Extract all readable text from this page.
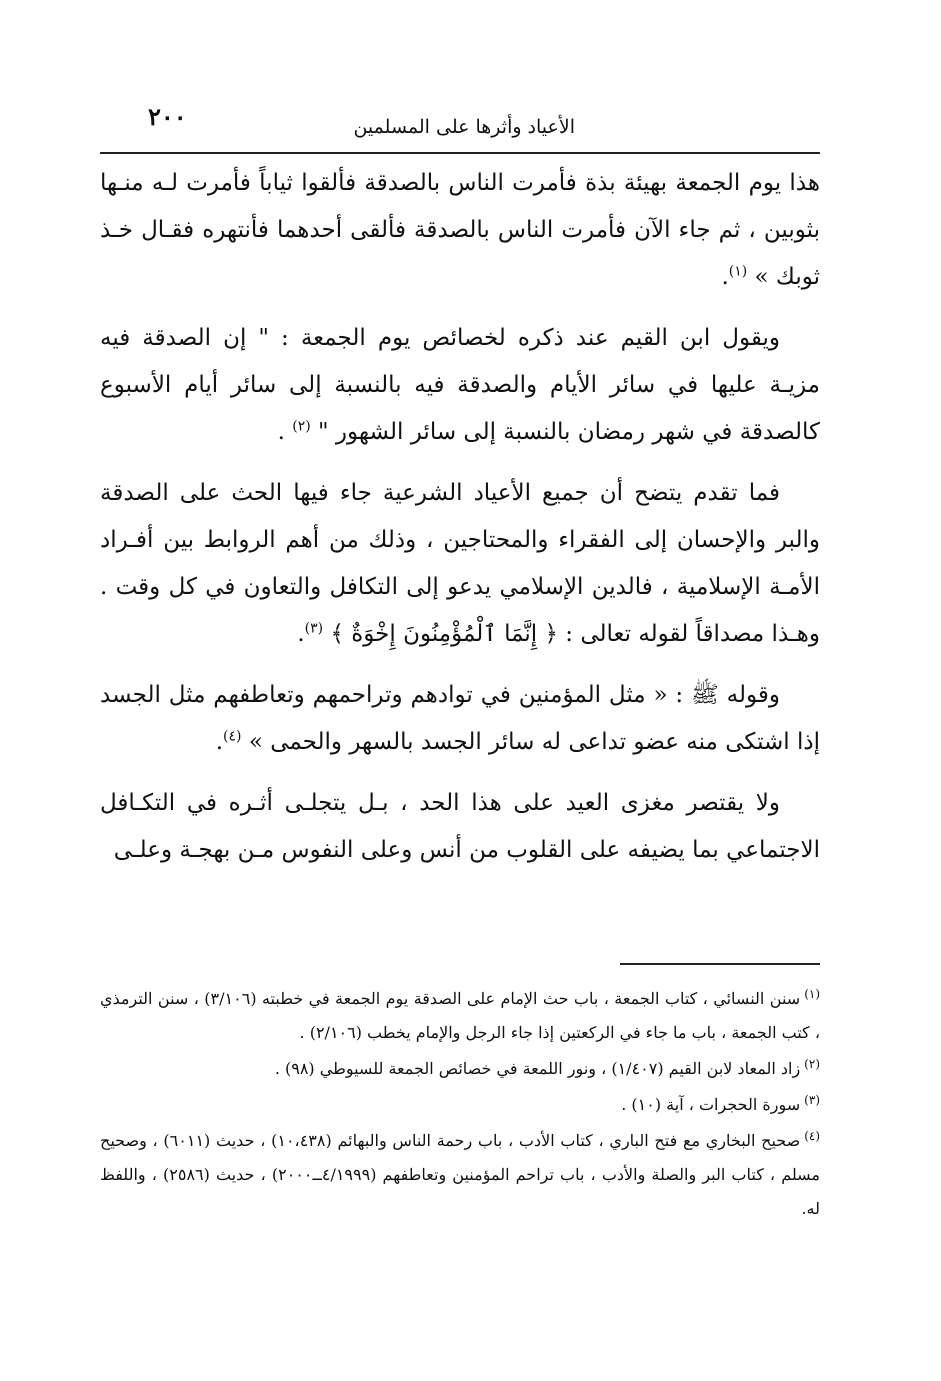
الأعياد وأثرها على المسلمين
٢٠٠

هذا يوم الجمعة بهيئة بذة فأمرت الناس بالصدقة فألقوا ثياباً فأمرت لـه منـها بثوبين ، ثم جاء الآن فأمرت الناس بالصدقة فألقى أحدهما فأنتهره فقـال خـذ ثوبك » $^{(١)}$.

ويقول ابن القيم عند ذكره لخصائص يوم الجمعة : " إن الصدقة فيه مزيـة عليها في سائر الأيام والصدقة فيه بالنسبة إلى سائر أيام الأسبوع كالصدقة في شهر رمضان بالنسبة إلى سائر الشهور " $^{(٢)}$ .

فما تقدم يتضح أن جميع الأعياد الشرعية جاء فيها الحث على الصدقة والبر والإحسان إلى الفقراء والمحتاجين ، وذلك من أهم الروابط بين أفـراد الأمـة الإسلامية ، فالدين الإسلامي يدعو إلى التكافل والتعاون في كل وقت . وهـذا مصداقاً لقوله تعالى : ﴿ إِنَّمَا ٱلْمُؤْمِنُونَ إِخْوَةٌ ﴾ $^{(٣)}$.

وقوله ﷺ : « مثل المؤمنين في توادهم وتراحمهم وتعاطفهم مثل الجسد إذا اشتكى منه عضو تداعى له سائر الجسد بالسهر والحمى » $^{(٤)}$.

ولا يقتصر مغزى العيد على هذا الحد ، بـل يتجلـى أثـره في التكـافل الاجتماعي بما يضيفه على القلوب من أنس وعلى النفوس مـن بهجـة وعلـى

$^{(١)}$سنن النسائي ، كتاب الجمعة ، باب حث الإمام على الصدقة يوم الجمعة في خطبته (٣/١٠٦) ، سنن الترمذي ، كتب الجمعة ، باب ما جاء في الركعتين إذا جاء الرجل والإمام يخطب (٢/١٠٦) .

$^{(٢)}$زاد المعاد لابن القيم (١/٤٠٧) ، ونور اللمعة في خصائص الجمعة للسيوطي (٩٨) .

$^{(٣)}$سورة الحجرات ، آية (١٠) .

$^{(٤)}$صحيح البخاري مع فتح الباري ، كتاب الأدب ، باب رحمة الناس والبهائم (١٠،٤٣٨) ، حديث (٦٠١١) ، وصحيح مسلم ، كتاب البر والصلة والأدب ، باب تراحم المؤمنين وتعاطفهم (٤/١٩٩٩ــ٢٠٠٠) ، حديث (٢٥٨٦) ، واللفظ له.
